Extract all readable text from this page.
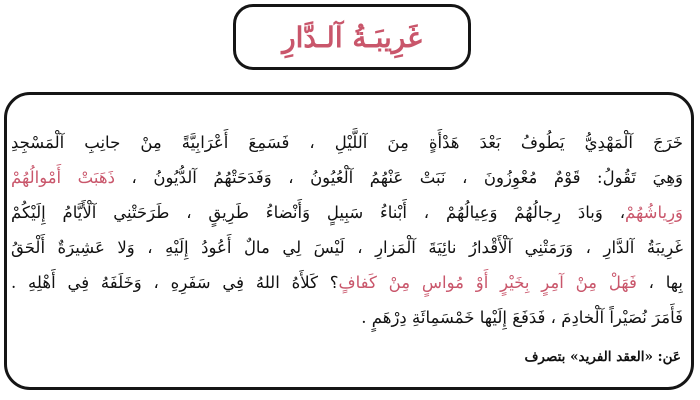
غَرِيبَـةُ آلـدَّارِ
خَرَجَ آلْمَهْدِيُّ يَطُوفُ بَعْدَ هَدْأَةٍ مِنَ آللَّيْلِ ، فَسَمِعَ أَعْرَابِيَّةً مِنْ جانِبِ آلْمَسْجِدِ
وَهِيَ تَقُولُ: قَوْمٌ مُعْوِزُونَ ، نَبَتْ عَنْهُمُ آلْعُيُونُ ، وَفَدَحَتْهُمُ آلدُّيُونُ ، ذَهَبَتْ أَمْوالُهُمْ
وَرِياشُهُمْ، وَبادَ رِجالُهُمْ وَعِيالُهُمْ ، أَبْناءُ سَبِيلٍ وَأَنْضاءُ طَرِيقٍ ، طَرَحَتْنِي آلْأَيَّامُ إِلَيْكُمْ
غَرِيبَةُ آلدَّارِ ، وَرَمَتْنِي آلْأَقْدارُ نائِيَةَ آلْمَزارِ ، لَيْسَ لِي مالٌ أَعُودُ إِلَيْهِ ، وَلا عَشِيرَةٌ أَلْحَقُ
بِها ، فَهَلْ مِنْ آمِرٍ بِخَيْرٍ أَوْ مُواسٍ مِنْ كَفافٍ؟ كَلأَهُ اللهُ فِي سَفَرِهِ ، وَخَلَفَهُ فِي أَهْلِهِ .
فَأَمَرَ نُصَيْراً آلْخادِمَ ، فَدَفَعَ إِلَيْها خَمْسَمِائَةِ دِرْهَمٍ .
عَن: «العقد الفريد» بتصرف
